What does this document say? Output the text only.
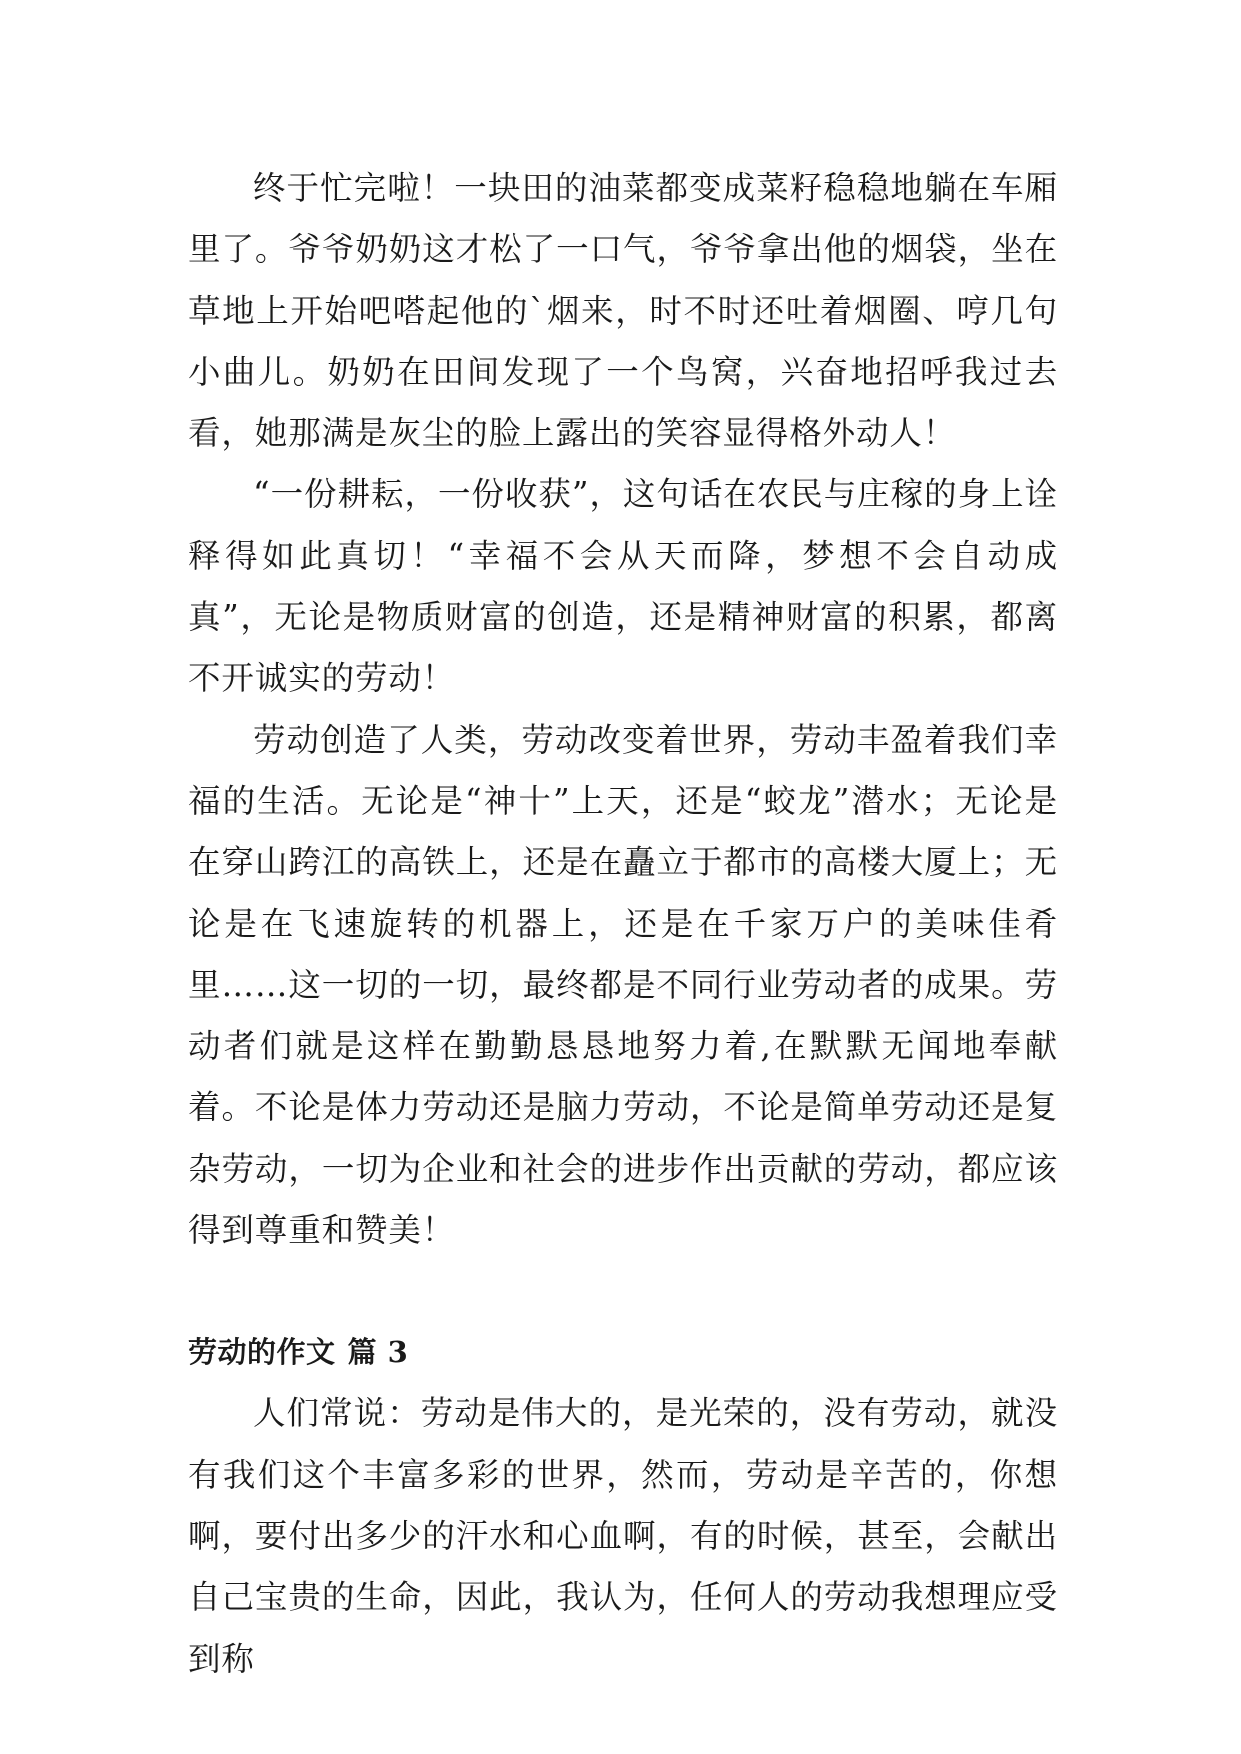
终于忙完啦！一块田的油菜都变成菜籽稳稳地躺在车厢里了。爷爷奶奶这才松了一口气，爷爷拿出他的烟袋，坐在草地上开始吧嗒起他的`烟来，时不时还吐着烟圈、哼几句小曲儿。奶奶在田间发现了一个鸟窝，兴奋地招呼我过去看，她那满是灰尘的脸上露出的笑容显得格外动人！

“一份耕耘，一份收获”，这句话在农民与庄稼的身上诠释得如此真切！“幸福不会从天而降，梦想不会自动成真”，无论是物质财富的创造，还是精神财富的积累，都离不开诚实的劳动！

劳动创造了人类，劳动改变着世界，劳动丰盈着我们幸福的生活。无论是“神十”上天，还是“蛟龙”潜水；无论是在穿山跨江的高铁上，还是在矗立于都市的高楼大厦上；无论是在飞速旋转的机器上，还是在千家万户的美味佳肴里……这一切的一切，最终都是不同行业劳动者的成果。劳动者们就是这样在勤勤恳恳地努力着,在默默无闻地奉献着。不论是体力劳动还是脑力劳动，不论是简单劳动还是复杂劳动，一切为企业和社会的进步作出贡献的劳动，都应该得到尊重和赞美！

劳动的作文 篇 3

人们常说：劳动是伟大的，是光荣的，没有劳动，就没有我们这个丰富多彩的世界，然而，劳动是辛苦的，你想啊，要付出多少的汗水和心血啊，有的时候，甚至，会献出自己宝贵的生命，因此，我认为，任何人的劳动我想理应受到称
